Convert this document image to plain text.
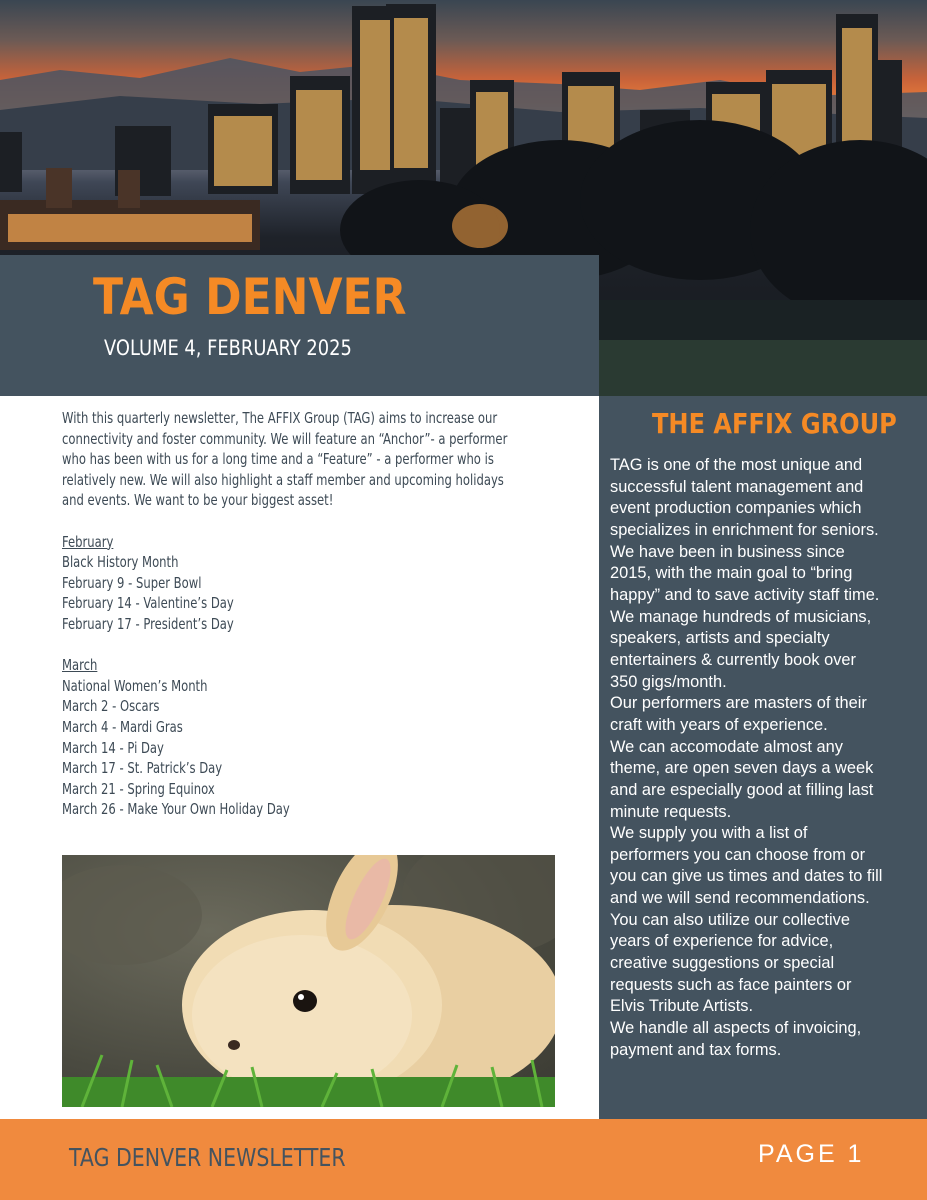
TAG DENVER
VOLUME 4, FEBRUARY 2025
With this quarterly newsletter, The AFFIX Group (TAG) aims to increase our
connectivity and foster community. We will feature an “Anchor”- a performer
who has been with us for a long time and a “Feature” - a performer who is
relatively new. We will also highlight a staff member and upcoming holidays
and events. We want to be your biggest asset!
February
Black History Month
February 9 - Super Bowl
February 14 - Valentine’s Day
February 17 - President’s Day
March
National Women’s Month
March 2 - Oscars
March 4 - Mardi Gras
March 14 - Pi Day
March 17 - St. Patrick’s Day
March 21 - Spring Equinox
March 26 - Make Your Own Holiday Day
THE AFFIX GROUP
TAG is one of the most unique and
successful talent management and
event production companies which
specializes in enrichment for seniors.
We have been in business since
2015, with the main goal to “bring
happy” and to save activity staff time.
We manage hundreds of musicians,
speakers, artists and specialty
entertainers & currently book over
350 gigs/month.
Our performers are masters of their
craft with years of experience.
We can accomodate almost any
theme, are open seven days a week
and are especially good at filling last
minute requests.
We supply you with a list of
performers you can choose from or
you can give us times and dates to fill
and we will send recommendations.
You can also utilize our collective
years of experience for advice,
creative suggestions or special
requests such as face painters or
Elvis Tribute Artists.
We handle all aspects of invoicing,
payment and tax forms.
TAG DENVER NEWSLETTER	PAGE 1
